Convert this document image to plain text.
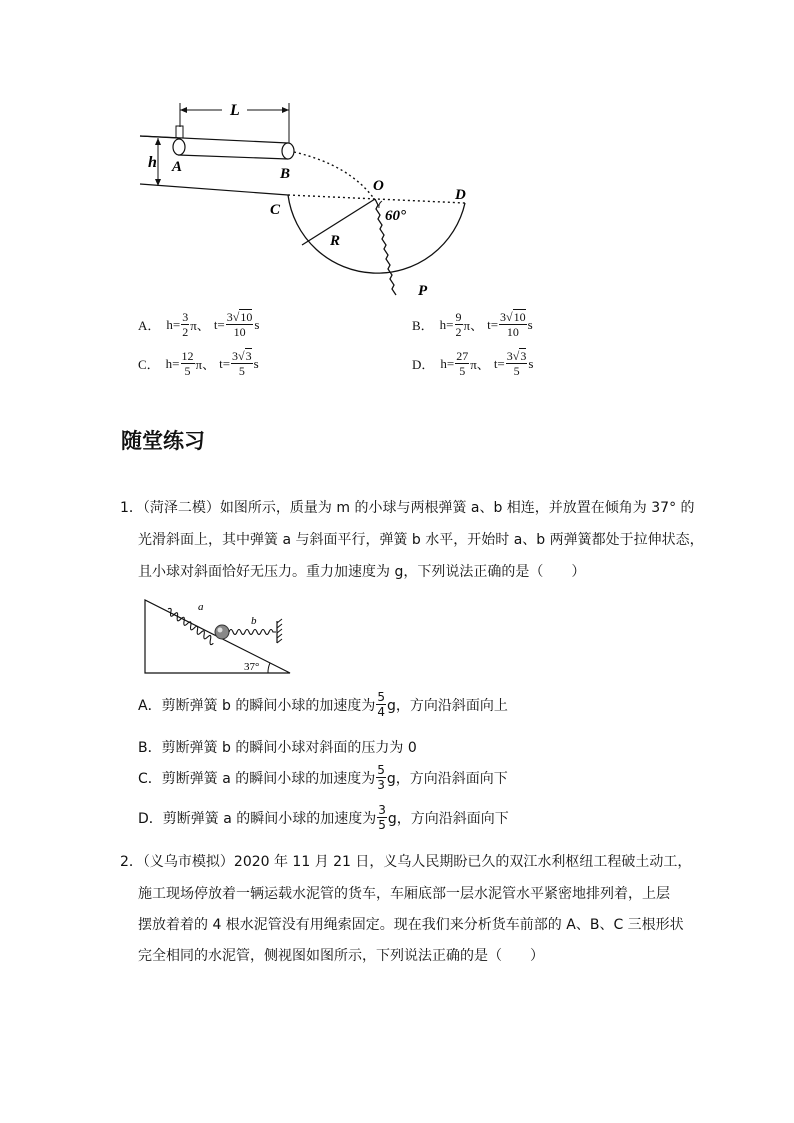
L
h A	B
C
O
D
R
P
60°
A． $h= \frac{3}{2}$ π、 $t= \frac{3√10}{10}$ s	B． $h= \frac{9}{2}$ π、 $t= \frac{3√10}{10}$ s
C． $h= \frac{12}{5}$ π、 $t= \frac{3√3}{5}$ s	D． $h= \frac{27}{5}$ π、 $t= \frac{3√3}{5}$ s
随堂练习
1．（菏泽二模）如图所示，质量为 m 的小球与两根弹簧 a、b 相连，并放置在倾角为 37° 的
光滑斜面上，其中弹簧 a 与斜面平行，弹簧 b 水平，开始时 a、b 两弹簧都处于拉伸状态，
且小球对斜面恰好无压力。重力加速度为 g，下列说法正确的是（　　）
a
b
37°
A．剪断弹簧 b 的瞬间小球的加速度为 $\frac{5}{4}$ g，方向沿斜面向上
B．剪断弹簧 b 的瞬间小球对斜面的压力为 0
C．剪断弹簧 a 的瞬间小球的加速度为 $\frac{5}{3}$ g，方向沿斜面向下
D．剪断弹簧 a 的瞬间小球的加速度为 $\frac{3}{5}$ g，方向沿斜面向下
2．（义乌市模拟）2020 年 11 月 21 日，义乌人民期盼已久的双江水利枢纽工程破土动工，
施工现场停放着一辆运载水泥管的货车，车厢底部一层水泥管水平紧密地排列着，上层
摆放着着的 4 根水泥管没有用绳索固定。现在我们来分析货车前部的 A、B、C 三根形状
完全相同的水泥管，侧视图如图所示，下列说法正确的是（　　）
